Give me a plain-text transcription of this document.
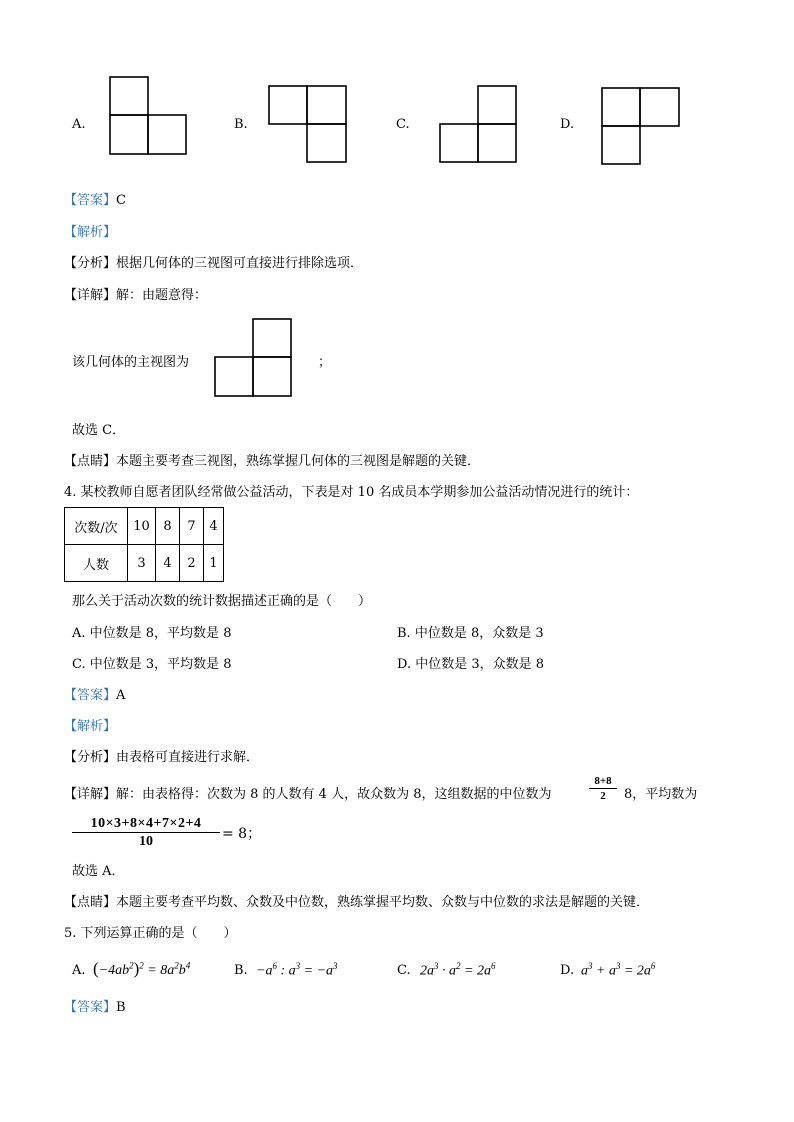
A.	B.	C.	D.
【答案】C
【解析】
【分析】根据几何体的三视图可直接进行排除选项．
【详解】解：由题意得：
该几何体的主视图为	；
故选 C．
【点睛】本题主要考查三视图，熟练掌握几何体的三视图是解题的关键．
4. 某校教师自愿者团队经常做公益活动，下表是对 10 名成员本学期参加公益活动情况进行的统计：
次数/次	10	8	7	4
人数	3	4	2	1
那么关于活动次数的统计数据描述正确的是（　　）
A. 中位数是 8，平均数是 8	B. 中位数是 8，众数是 3
C. 中位数是 3，平均数是 8	D. 中位数是 3，众数是 8
【答案】A
【解析】
【分析】由表格可直接进行求解．
【详解】解：由表格得：次数为 8 的人数有 4 人，故众数为 8，这组数据的中位数为	$\frac{8+8}{2} 8$，平均数为
$\frac{10\times 3+8\times 4+7\times 2+4}{10} = 8$；
故选 A．
【点睛】本题主要考查平均数、众数及中位数，熟练掌握平均数、众数与中位数的求法是解题的关键．
5. 下列运算正确的是（　　）
A. $(-4ab^2)^2 = 8a^2b^4$	B. $-a^6$ : $a^3 = -a^3$	C. $2a^3 \cdot a^2 = 2a^6$	D. $a^3 + a^3 = 2a^6$
【答案】B
